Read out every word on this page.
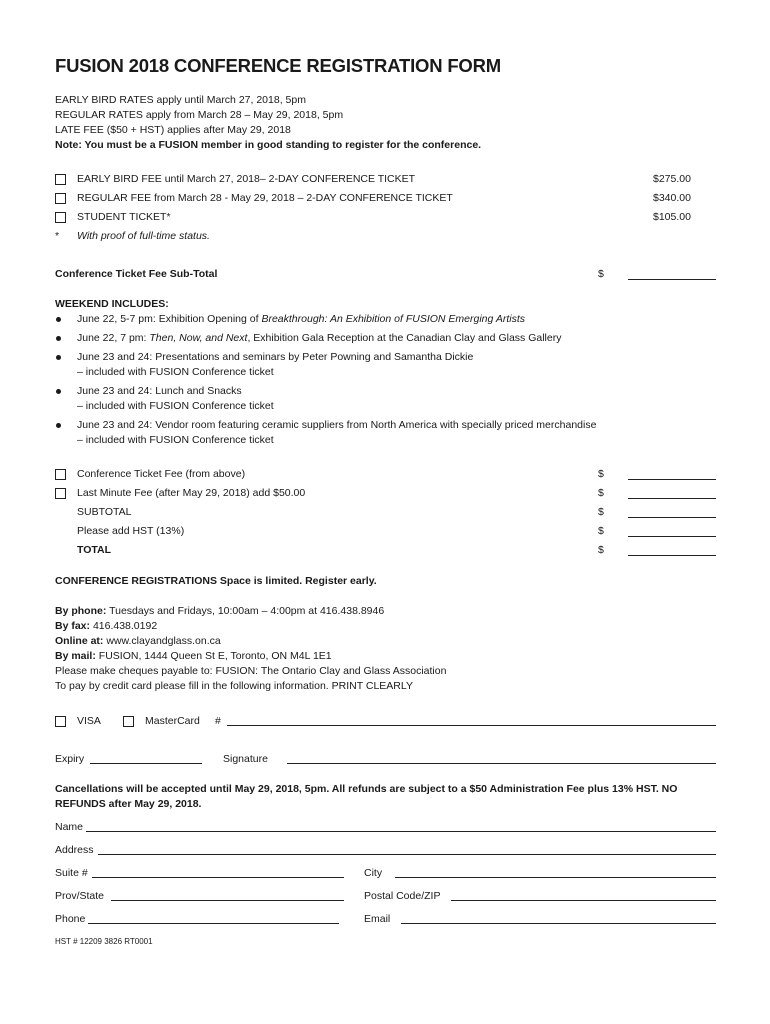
FUSION 2018 CONFERENCE REGISTRATION FORM
EARLY BIRD RATES apply until March 27, 2018, 5pm
REGULAR RATES apply from March 28 – May 29, 2018, 5pm
LATE FEE ($50 + HST) applies after May 29, 2018
Note: You must be a FUSION member in good standing to register for the conference.
EARLY BIRD FEE until March 27, 2018– 2-DAY CONFERENCE TICKET	$275.00
REGULAR FEE from March 28 - May 29, 2018 – 2-DAY CONFERENCE TICKET	$340.00
STUDENT TICKET*	$105.00
* With proof of full-time status.
Conference Ticket Fee Sub-Total	$
WEEKEND INCLUDES:
June 22, 5-7 pm: Exhibition Opening of Breakthrough: An Exhibition of FUSION Emerging Artists
June 22, 7 pm: Then, Now, and Next, Exhibition Gala Reception at the Canadian Clay and Glass Gallery
June 23 and 24: Presentations and seminars by Peter Powning and Samantha Dickie
– included with FUSION Conference ticket
June 23 and 24: Lunch and Snacks
– included with FUSION Conference ticket
June 23 and 24: Vendor room featuring ceramic suppliers from North America with specially priced merchandise
– included with FUSION Conference ticket
Conference Ticket Fee (from above)	$
Last Minute Fee (after May 29, 2018) add $50.00	$
SUBTOTAL	$
Please add HST (13%)	$
TOTAL	$
CONFERENCE REGISTRATIONS Space is limited. Register early.
By phone: Tuesdays and Fridays, 10:00am – 4:00pm at 416.438.8946
By fax: 416.438.0192
Online at: www.clayandglass.on.ca
By mail: FUSION, 1444 Queen St E, Toronto, ON M4L 1E1
Please make cheques payable to: FUSION: The Ontario Clay and Glass Association
To pay by credit card please fill in the following information. PRINT CLEARLY
VISA	MasterCard #
Expiry	Signature
Cancellations will be accepted until May 29, 2018, 5pm. All refunds are subject to a $50 Administration Fee plus 13% HST. NO
REFUNDS after May 29, 2018.
Name
Address
Suite #	City
Prov/State	Postal Code/ZIP
Phone	Email
HST # 12209 3826 RT0001
